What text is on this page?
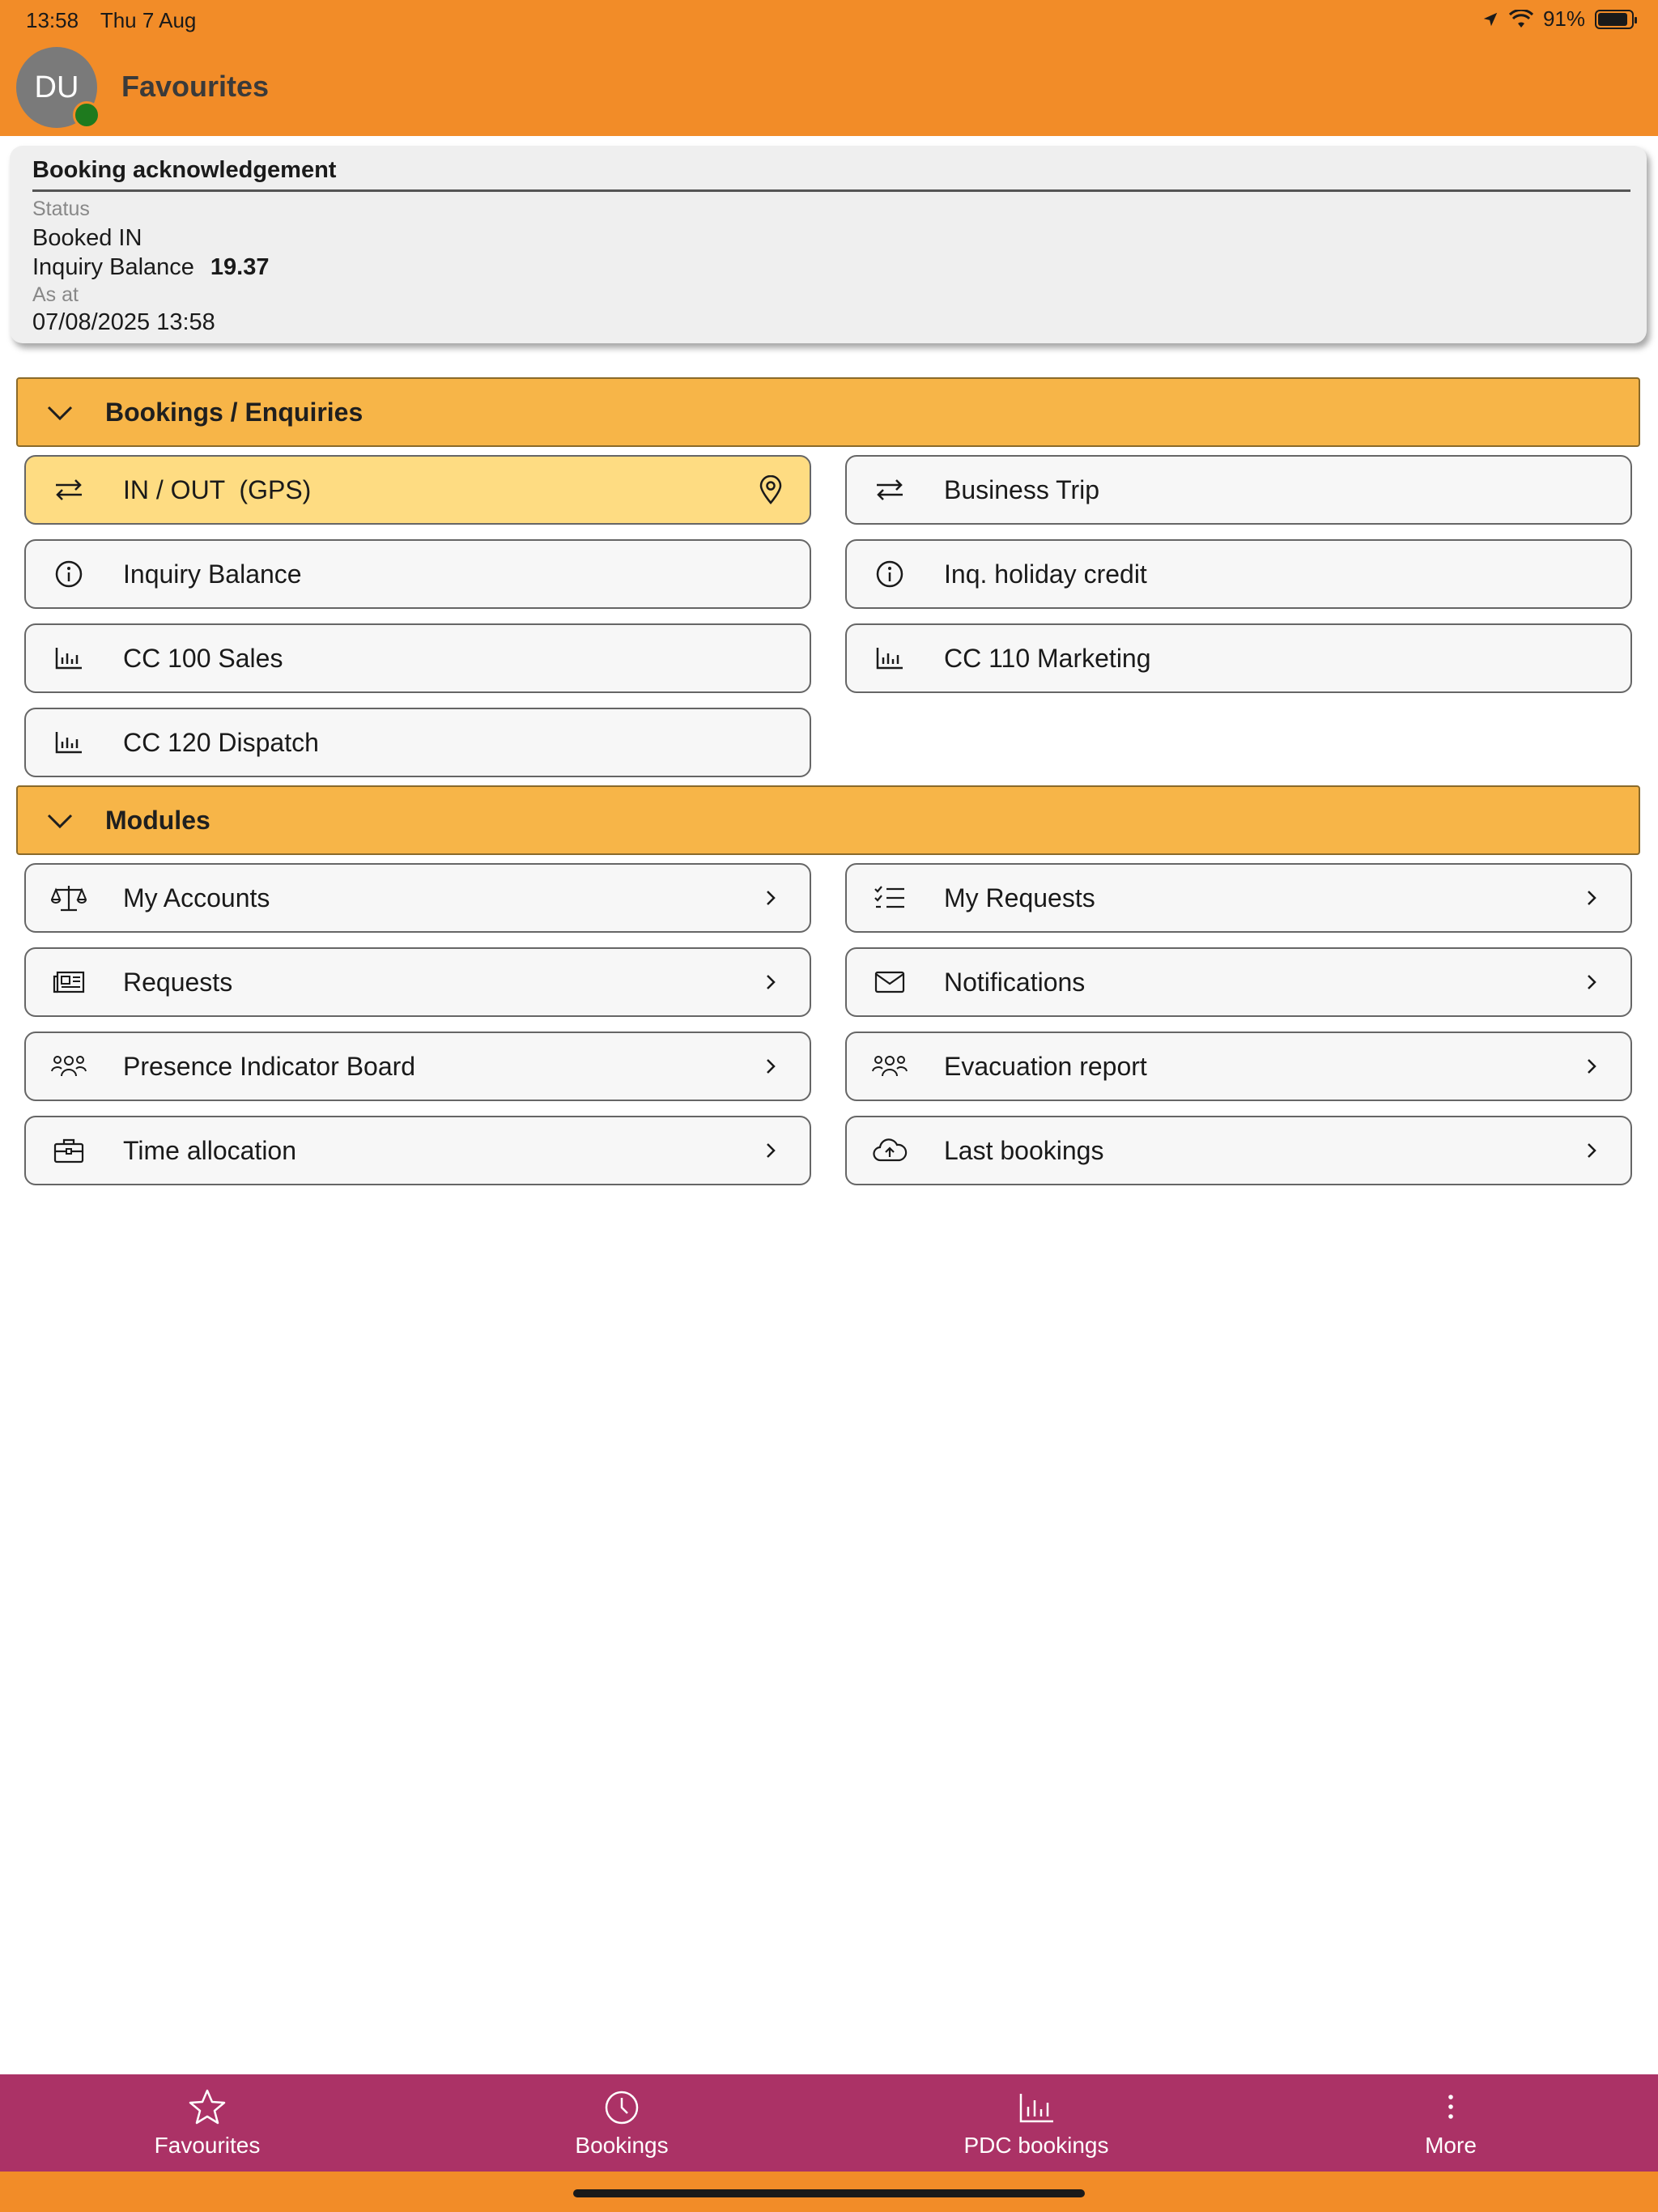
13:58 Thu 7 Aug	91%
DU Favourites
Booking acknowledgement
Status
Booked IN
Inquiry Balance 19.37
As at
07/08/2025 13:58
Bookings / Enquiries
IN / OUT  (GPS)	Business Trip
Inquiry Balance	Inq. holiday credit
CC 100 Sales	CC 110 Marketing
CC 120 Dispatch
Modules
My Accounts	My Requests
Requests	Notifications
Presence Indicator Board	Evacuation report
Time allocation	Last bookings
Favourites	Bookings	PDC bookings	More
